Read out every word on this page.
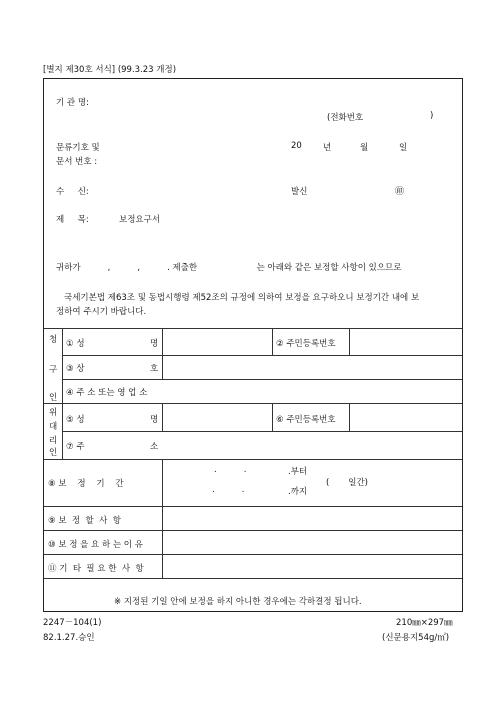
[별지 제30호 서식] (99.3.23 개정)
기 관 명:
(전화번호	)
문류기호 및
문서 번호 :
20 년	월	일
수     신:	발신	㊞
제     목:	보정요구서
귀하가          ,          ,          . 제출한                      는 아래와 같은 보정할 사항이 있으므로
국세기본법 제63조 및 동법시행령 제52조의 규정에 의하여 보정을 요구하오니 보정기간 내에 보
정하여 주시기 바랍니다.
청
구
인
① 성	명	② 주민등록번호
③ 상	호
④ 주 소 또는 영 업 소
위
대
리
인
⑤ 성	명	⑥ 주민등록번호
⑦ 주	소
⑧ 보    정    기    간
.          .	.부터
.          .	.까지
(       일간)
⑨ 보  정  할  사  항
⑩ 보 정 을 요 하 는 이 유
⑪ 기  타  필 요 한  사  항
※ 지정된 기일 안에 보정을 하지 아니한 경우에는 각하결정 됩니다.
2247－104(1)
82.1.27.승인
210㎜×297㎜
(신문용지54g/㎡)
